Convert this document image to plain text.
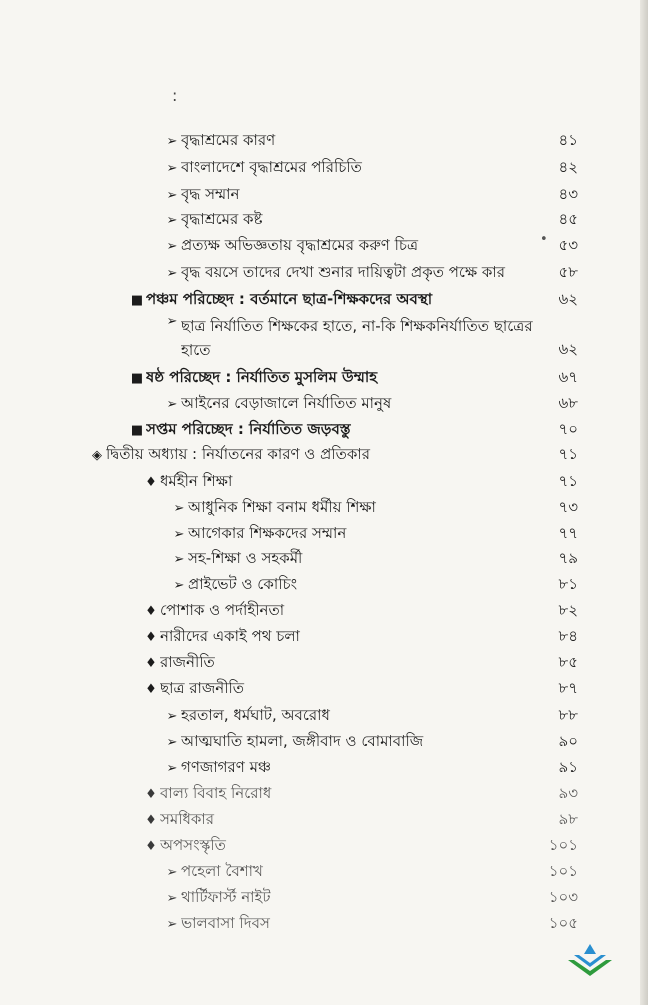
:
•
➢ বৃদ্ধাশ্রমের কারণ	৪১
➢ বাংলাদেশে বৃদ্ধাশ্রমের পরিচিতি	৪২
➢ বৃদ্ধ সম্মান	৪৩
➢ বৃদ্ধাশ্রমের কষ্ট	৪৫
➢ প্রত্যক্ষ অভিজ্ঞতায় বৃদ্ধাশ্রমের করুণ চিত্র	৫৩
➢ বৃদ্ধ বয়সে তাদের দেখা শুনার দায়িত্বটা প্রকৃত পক্ষে কার	৫৮
■ পঞ্চম পরিচ্ছেদ : বর্তমানে ছাত্র-শিক্ষকদের অবস্থা	৬২
➢ ছাত্র নির্যাতিত শিক্ষকের হাতে, না-কি শিক্ষকনির্যাতিত ছাত্রের হাতে	৬২
■ ষষ্ঠ পরিচ্ছেদ : নির্যাতিত মুসলিম উম্মাহ	৬৭
➢ আইনের বেড়াজালে নির্যাতিত মানুষ	৬৮
■ সপ্তম পরিচ্ছেদ : নির্যাতিত জড়বস্তু	৭০
◈ দ্বিতীয় অধ্যায় : নির্যাতনের কারণ ও প্রতিকার	৭১
♦ ধর্মহীন শিক্ষা	৭১
➢ আধুনিক শিক্ষা বনাম ধর্মীয় শিক্ষা	৭৩
➢ আগেকার শিক্ষকদের সম্মান	৭৭
➢ সহ-শিক্ষা ও সহকর্মী	৭৯
➢ প্রাইভেট ও কোচিং	৮১
♦ পোশাক ও পর্দাহীনতা	৮২
♦ নারীদের একাই পথ চলা	৮৪
♦ রাজনীতি	৮৫
♦ ছাত্র রাজনীতি	৮৭
➢ হরতাল, ধর্মঘাট, অবরোধ	৮৮
➢ আত্মঘাতি হামলা, জঙ্গীবাদ ও বোমাবাজি	৯০
➢ গণজাগরণ মঞ্চ	৯১
♦ বাল্য বিবাহ নিরোধ	৯৩
♦ সমধিকার	৯৮
♦ অপসংস্কৃতি	১০১
➢ পহেলা বৈশাখ	১০১
➢ থার্টিফার্স্ট নাইট	১০৩
➢ ভালবাসা দিবস	১০৫
